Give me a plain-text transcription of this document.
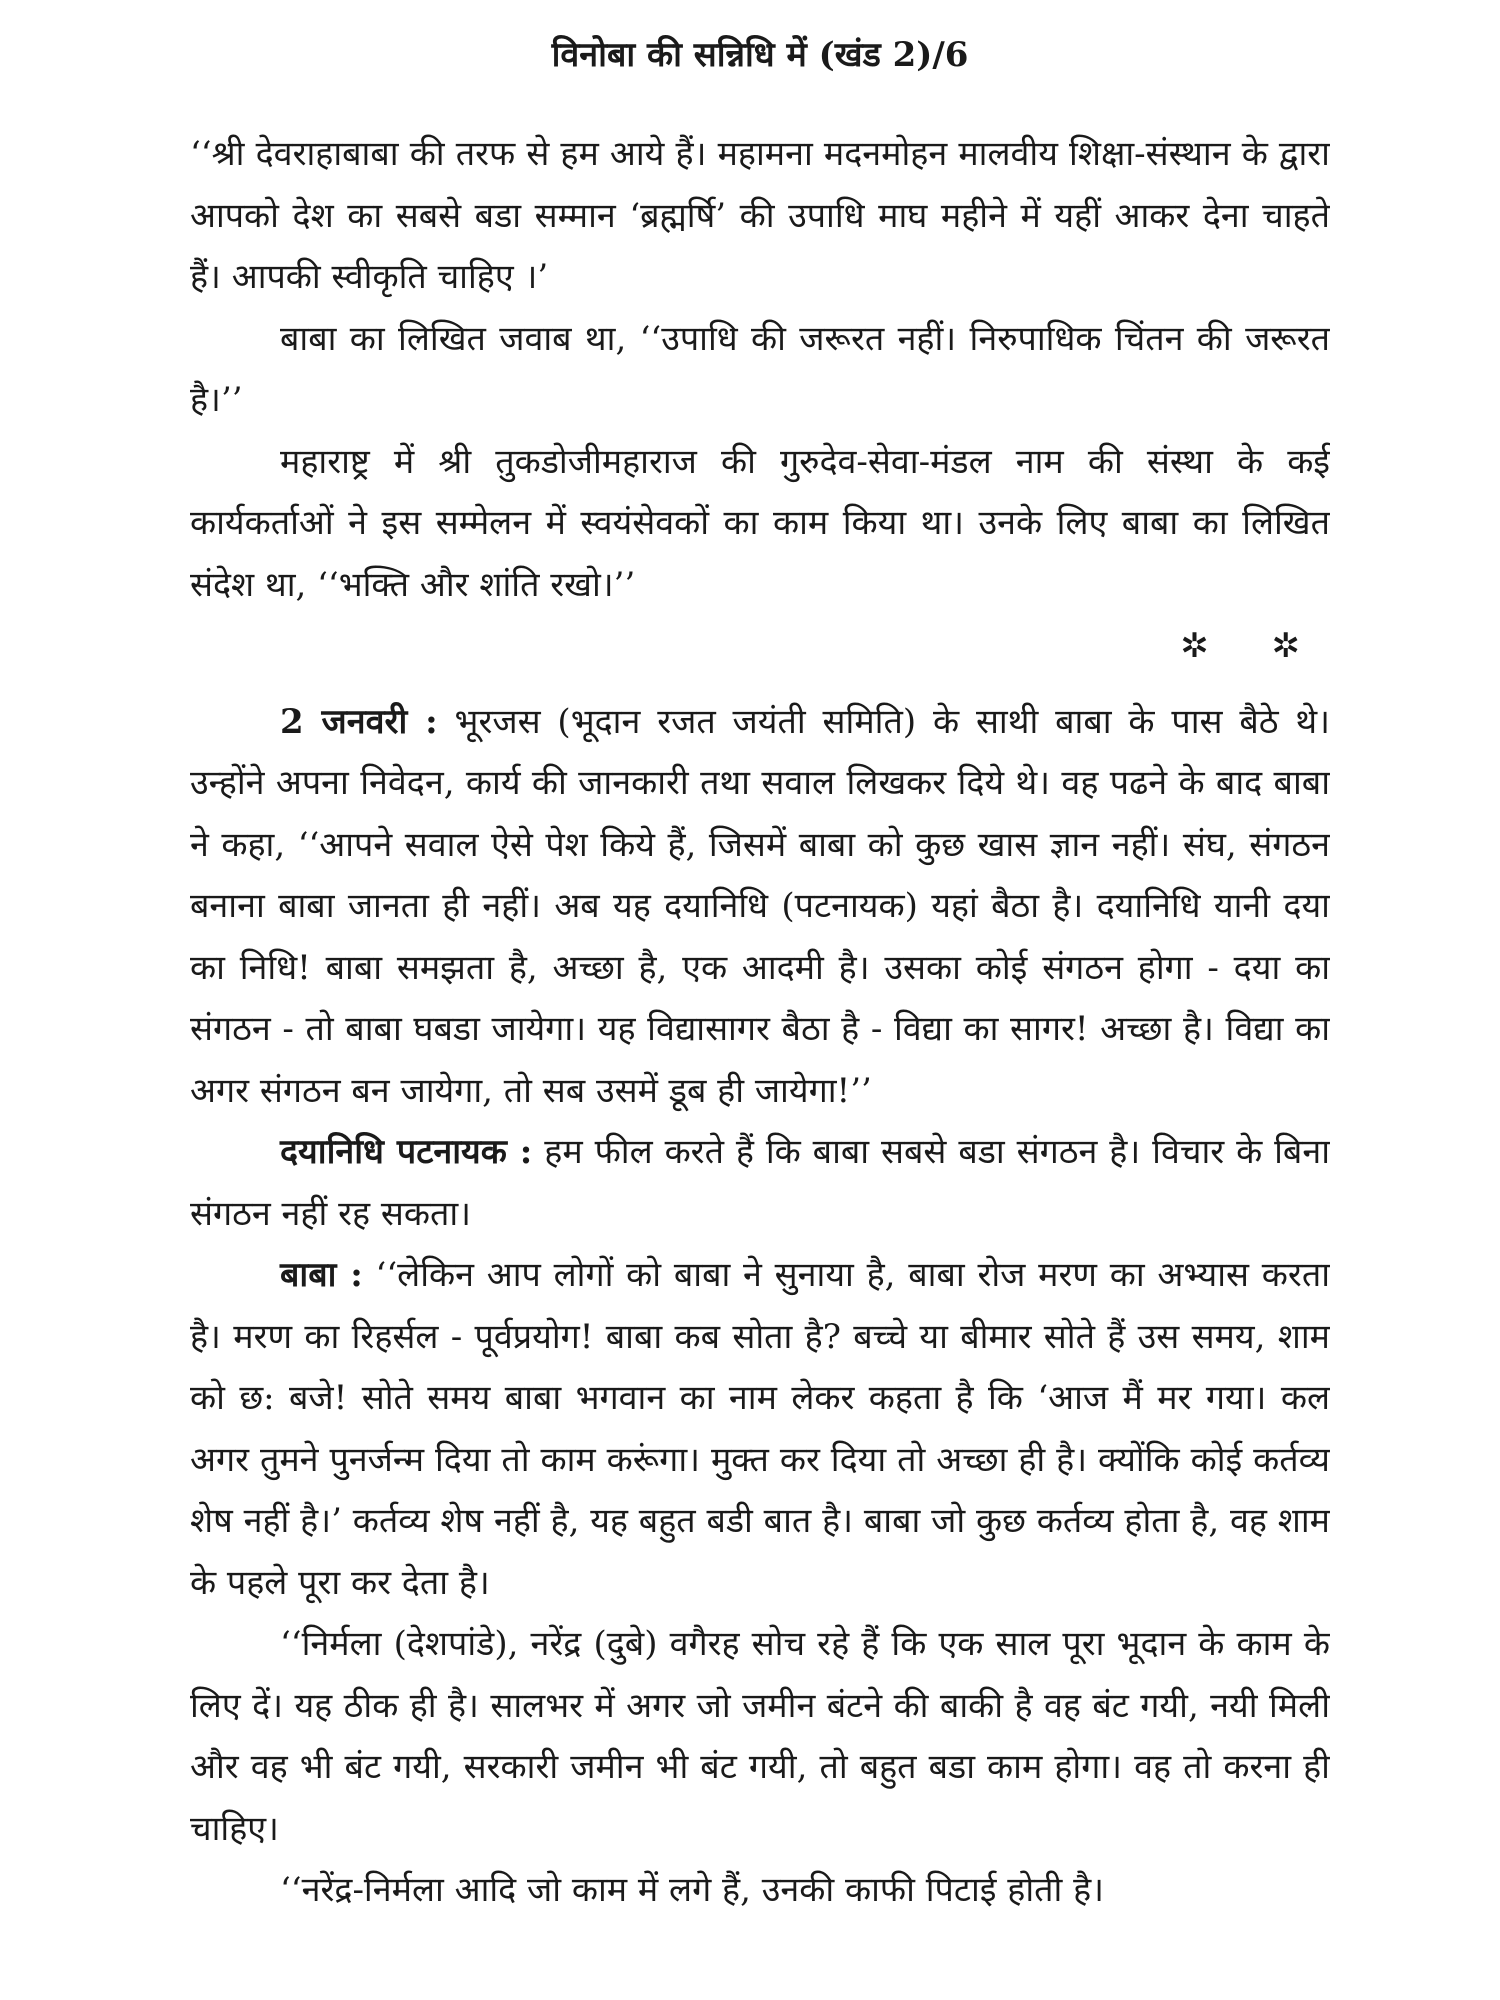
विनोबा की सन्निधि में (खंड 2)/6

‘‘श्री देवराहाबाबा की तरफ से हम आये हैं। महामना मदनमोहन मालवीय शिक्षा-संस्थान के द्वारा आपको देश का सबसे बडा सम्मान ‘ब्रह्मर्षि’ की उपाधि माघ महीने में यहीं आकर देना चाहते हैं। आपकी स्वीकृति चाहिए ।’

बाबा का लिखित जवाब था, ‘‘उपाधि की जरूरत नहीं। निरुपाधिक चिंतन की जरूरत है।’’

महाराष्ट्र में श्री तुकडोजीमहाराज की गुरुदेव-सेवा-मंडल नाम की संस्था के कई कार्यकर्ताओं ने इस सम्मेलन में स्वयंसेवकों का काम किया था। उनके लिए बाबा का लिखित संदेश था, ‘‘भक्ति और शांति रखो।’’

✲ ✲

2 जनवरी : भूरजस (भूदान रजत जयंती समिति) के साथी बाबा के पास बैठे थे। उन्होंने अपना निवेदन, कार्य की जानकारी तथा सवाल लिखकर दिये थे। वह पढने के बाद बाबा ने कहा, ‘‘आपने सवाल ऐसे पेश किये हैं, जिसमें बाबा को कुछ खास ज्ञान नहीं। संघ, संगठन बनाना बाबा जानता ही नहीं। अब यह दयानिधि (पटनायक) यहां बैठा है। दयानिधि यानी दया का निधि! बाबा समझता है, अच्छा है, एक आदमी है। उसका कोई संगठन होगा - दया का संगठन - तो बाबा घबडा जायेगा। यह विद्यासागर बैठा है - विद्या का सागर! अच्छा है। विद्या का अगर संगठन बन जायेगा, तो सब उसमें डूब ही जायेगा!’’

दयानिधि पटनायक : हम फील करते हैं कि बाबा सबसे बडा संगठन है। विचार के बिना संगठन नहीं रह सकता।

बाबा : ‘‘लेकिन आप लोगों को बाबा ने सुनाया है, बाबा रोज मरण का अभ्यास करता है। मरण का रिहर्सल - पूर्वप्रयोग! बाबा कब सोता है? बच्चे या बीमार सोते हैं उस समय, शाम को छ: बजे! सोते समय बाबा भगवान का नाम लेकर कहता है कि ‘आज मैं मर गया। कल अगर तुमने पुनर्जन्म दिया तो काम करूंगा। मुक्त कर दिया तो अच्छा ही है। क्योंकि कोई कर्तव्य शेष नहीं है।’ कर्तव्य शेष नहीं है, यह बहुत बडी बात है। बाबा जो कुछ कर्तव्य होता है, वह शाम के पहले पूरा कर देता है।

‘‘निर्मला (देशपांडे), नरेंद्र (दुबे) वगैरह सोच रहे हैं कि एक साल पूरा भूदान के काम के लिए दें। यह ठीक ही है। सालभर में अगर जो जमीन बंटने की बाकी है वह बंट गयी, नयी मिली और वह भी बंट गयी, सरकारी जमीन भी बंट गयी, तो बहुत बडा काम होगा। वह तो करना ही चाहिए।

‘‘नरेंद्र-निर्मला आदि जो काम में लगे हैं, उनकी काफी पिटाई होती है।
